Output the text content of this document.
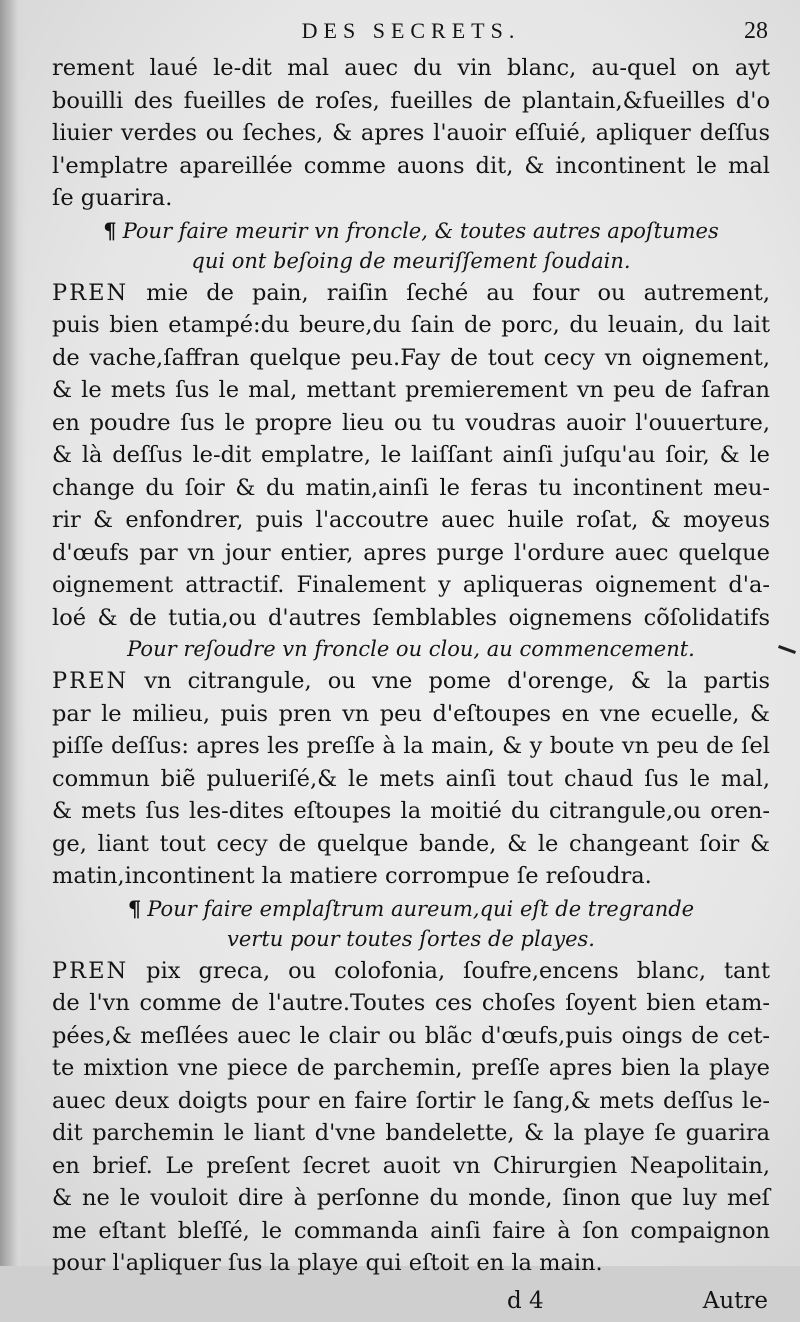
DES SECRETS.	28
rement laué le-dit mal auec du vin blanc, au-quel on ayt
bouilli des fueilles de roſes, fueilles de plantain,&fueilles d'o
liuier verdes ou ſeches, & apres l'auoir eſſuié, apliquer deſſus
l'emplatre apareillée comme auons dit, & incontinent le mal
ſe guarira.
¶ Pour faire meurir vn froncle, & toutes autres apoſtumes
qui ont beſoing de meuriſſement ſoudain.
PREN mie de pain, raiſin ſeché au four ou autrement,
puis bien etampé:du beure,du ſain de porc, du leuain, du lait
de vache,ſaffran quelque peu.Fay de tout cecy vn oignement,
& le mets ſus le mal, mettant premierement vn peu de ſafran
en poudre ſus le propre lieu ou tu voudras auoir l'ouuerture,
& là deſſus le-dit emplatre, le laiſſant ainſi juſqu'au ſoir, & le
change du ſoir & du matin,ainſi le feras tu incontinent meu-
rir & enfondrer, puis l'accoutre auec huile roſat, & moyeus
d'œufs par vn jour entier, apres purge l'ordure auec quelque
oignement attractif. Finalement y apliqueras oignement d'a-
loé & de tutia,ou d'autres ſemblables oignemens cõſolidatifs
Pour reſoudre vn froncle ou clou, au commencement.
PREN vn citrangule, ou vne pome d'orenge, & la partis
par le milieu, puis pren vn peu d'eſtoupes en vne ecuelle, &
piſſe deſſus: apres les preſſe à la main, & y boute vn peu de ſel
commun biẽ pulueriſé,& le mets ainſi tout chaud ſus le mal,
& mets ſus les-dites eſtoupes la moitié du citrangule,ou oren-
ge, liant tout cecy de quelque bande, & le changeant ſoir &
matin,incontinent la matiere corrompue ſe reſoudra.
¶ Pour faire emplaſtrum aureum,qui eſt de tregrande
vertu pour toutes ſortes de playes.
PREN pix greca, ou colofonia, ſoufre,encens blanc, tant
de l'vn comme de l'autre.Toutes ces choſes ſoyent bien etam-
pées,& meſlées auec le clair ou blãc d'œufs,puis oings de cet-
te mixtion vne piece de parchemin, preſſe apres bien la playe
auec deux doigts pour en faire ſortir le ſang,& mets deſſus le-
dit parchemin le liant d'vne bandelette, & la playe ſe guarira
en brief. Le preſent ſecret auoit vn Chirurgien Neapolitain,
& ne le vouloit dire à perſonne du monde, ſinon que luy meſ
me eſtant bleſſé, le commanda ainſi faire à ſon compaignon
pour l'apliquer ſus la playe qui eſtoit en la main.
d 4	Autre
